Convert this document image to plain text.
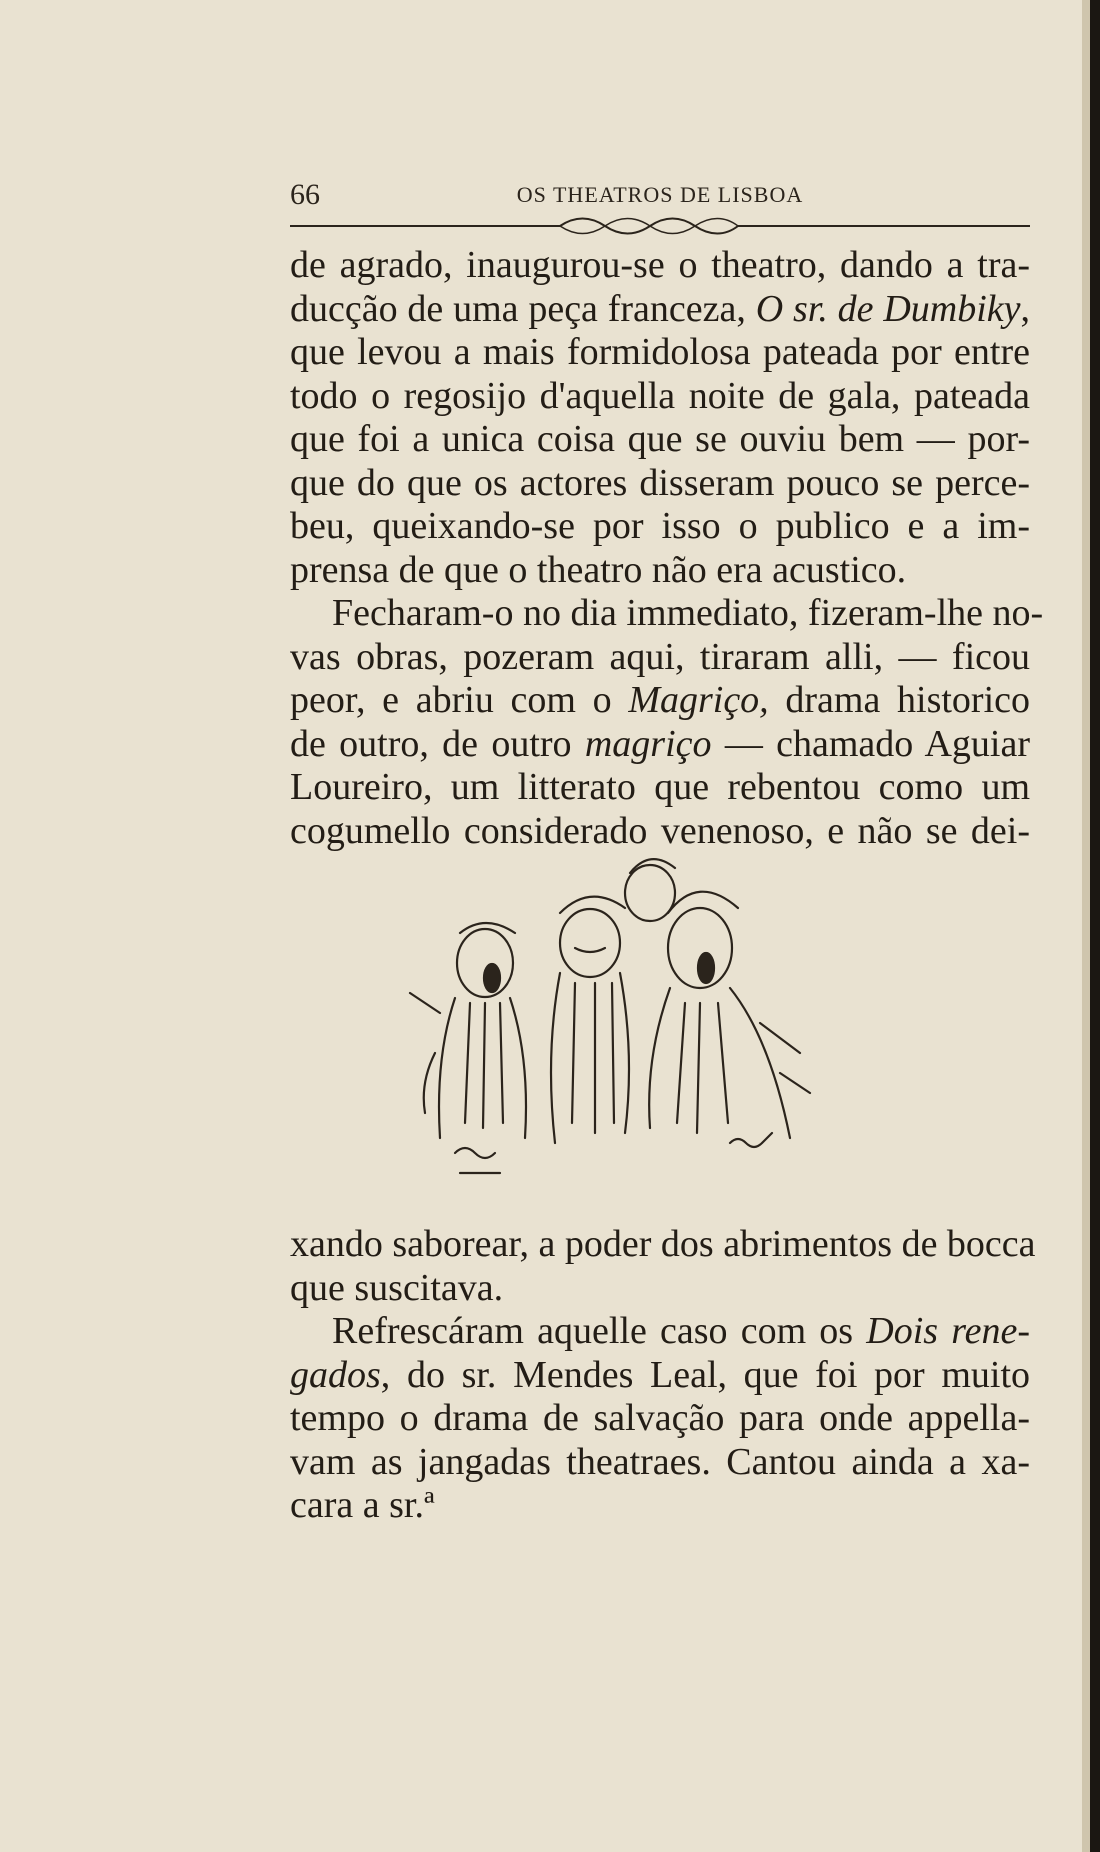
66	OS THEATROS DE LISBOA
de agrado, inaugurou-se o theatro, dando a tra-
ducção de uma peça franceza, O sr. de Dumbiky,
que levou a mais formidolosa pateada por entre
todo o regosijo d'aquella noite de gala, pateada
que foi a unica coisa que se ouviu bem — por-
que do que os actores disseram pouco se perce-
beu, queixando-se por isso o publico e a im-
prensa de que o theatro não era acustico.
Fecharam-o no dia immediato, fizeram-lhe no-
vas obras, pozeram aqui, tiraram alli, — ficou
peor, e abriu com o Magriço, drama historico
de outro, de outro magriço — chamado Aguiar
Loureiro, um litterato que rebentou como um
cogumello considerado venenoso, e não se dei-
xando saborear, a poder dos abrimentos de bocca
que suscitava.
Refrescáram aquelle caso com os Dois rene-
gados, do sr. Mendes Leal, que foi por muito
tempo o drama de salvação para onde appella-
vam as jangadas theatraes. Cantou ainda a xa-
cara a sr.ª
